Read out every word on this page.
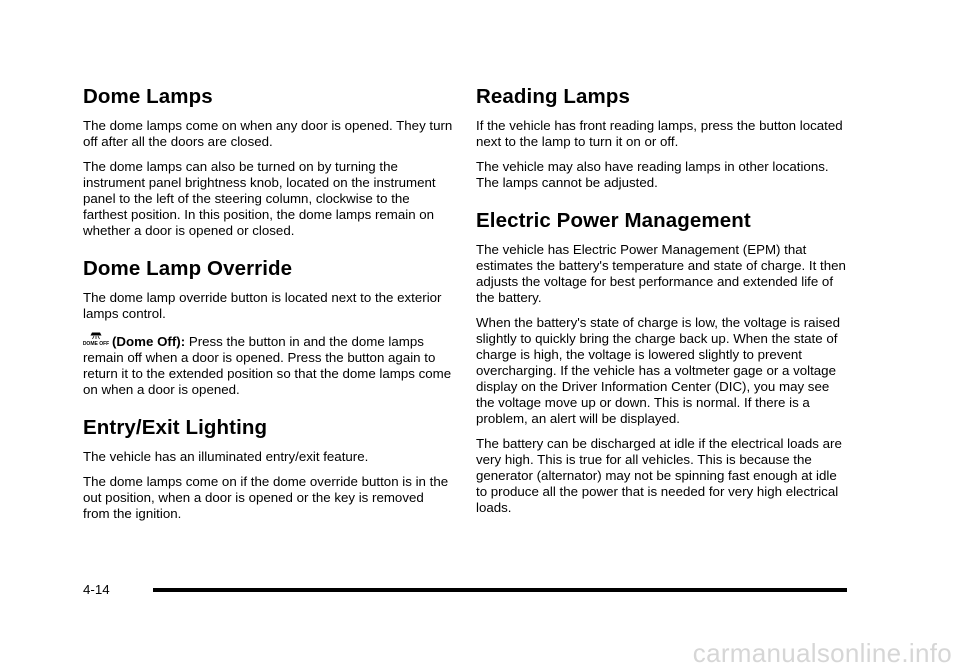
Dome Lamps

The dome lamps come on when any door is opened. They turn off after all the doors are closed.

The dome lamps can also be turned on by turning the instrument panel brightness knob, located on the instrument panel to the left of the steering column, clockwise to the farthest position. In this position, the dome lamps remain on whether a door is opened or closed.

Dome Lamp Override

The dome lamp override button is located next to the exterior lamps control.

DOME OFF (Dome Off): Press the button in and the dome lamps remain off when a door is opened. Press the button again to return it to the extended position so that the dome lamps come on when a door is opened.

Entry/Exit Lighting

The vehicle has an illuminated entry/exit feature.

The dome lamps come on if the dome override button is in the out position, when a door is opened or the key is removed from the ignition.

Reading Lamps

If the vehicle has front reading lamps, press the button located next to the lamp to turn it on or off.

The vehicle may also have reading lamps in other locations. The lamps cannot be adjusted.

Electric Power Management

The vehicle has Electric Power Management (EPM) that estimates the battery's temperature and state of charge. It then adjusts the voltage for best performance and extended life of the battery.

When the battery's state of charge is low, the voltage is raised slightly to quickly bring the charge back up. When the state of charge is high, the voltage is lowered slightly to prevent overcharging. If the vehicle has a voltmeter gage or a voltage display on the Driver Information Center (DIC), you may see the voltage move up or down. This is normal. If there is a problem, an alert will be displayed.

The battery can be discharged at idle if the electrical loads are very high. This is true for all vehicles. This is because the generator (alternator) may not be spinning fast enough at idle to produce all the power that is needed for very high electrical loads.

4-14
carmanualsonline.info
